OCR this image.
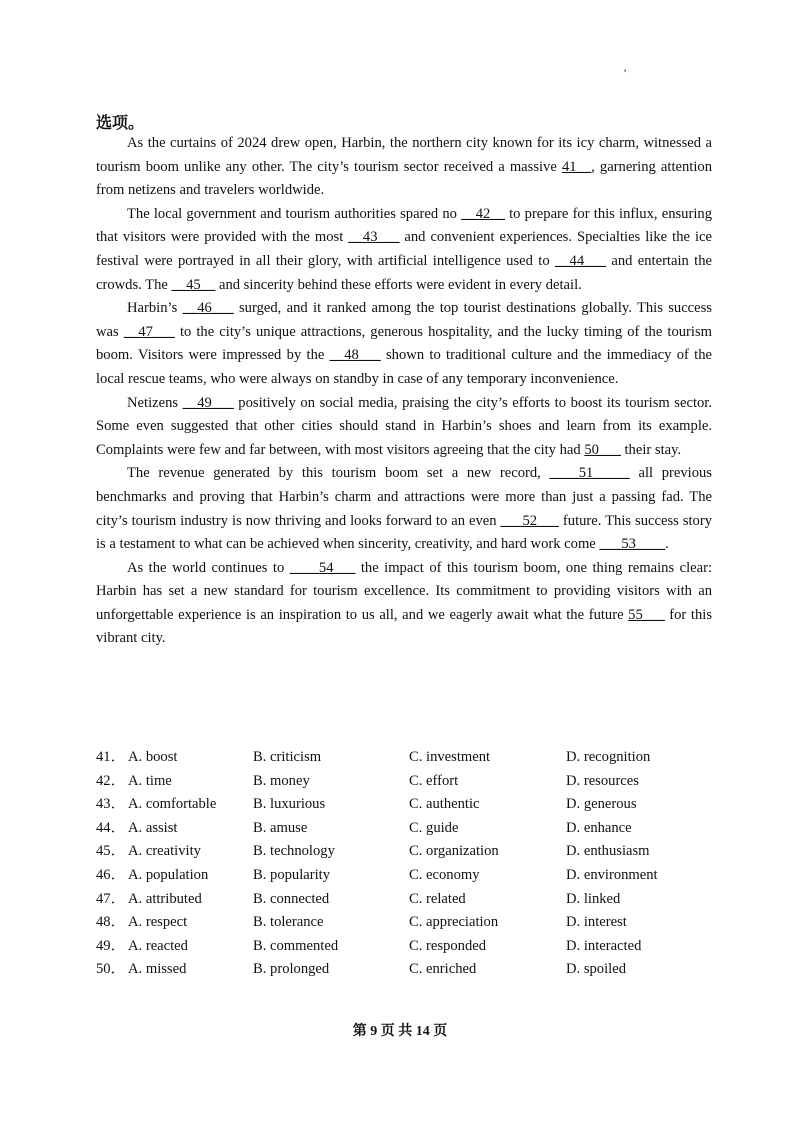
'
选项。

As the curtains of 2024 drew open, Harbin, the northern city known for its icy charm, witnessed a tourism boom unlike any other. The city’s tourism sector received a massive 41__, garnering attention from netizens and travelers worldwide.

The local government and tourism authorities spared no __42__ to prepare for this influx, ensuring that visitors were provided with the most __43___ and convenient experiences. Specialties like the ice festival were portrayed in all their glory, with artificial intelligence used to __44___ and entertain the crowds. The __45__ and sincerity behind these efforts were evident in every detail.

Harbin’s __46___ surged, and it ranked among the top tourist destinations globally. This success was __47___ to the city’s unique attractions, generous hospitality, and the lucky timing of the tourism boom. Visitors were impressed by the __48___ shown to traditional culture and the immediacy of the local rescue teams, who were always on standby in case of any temporary inconvenience.

Netizens __49___ positively on social media, praising the city’s efforts to boost its tourism sector. Some even suggested that other cities should stand in Harbin’s shoes and learn from its example. Complaints were few and far between, with most visitors agreeing that the city had 50___ their stay.

The revenue generated by this tourism boom set a new record, ____51_____ all previous benchmarks and proving that Harbin’s charm and attractions were more than just a passing fad. The city’s tourism industry is now thriving and looks forward to an even ___52___ future. This success story is a testament to what can be achieved when sincerity, creativity, and hard work come ___53____.

As the world continues to ____54___ the impact of this tourism boom, one thing remains clear: Harbin has set a new standard for tourism excellence. Its commitment to providing visitors with an unforgettable experience is an inspiration to us all, and we eagerly await what the future 55___ for this vibrant city.

41． A. boost	B. criticism	C. investment	D. recognition
42． A. time	B. money	C. effort	D. resources
43． A. comfortable	B. luxurious	C. authentic	D. generous
44． A. assist	B. amuse	C. guide	D. enhance
45． A. creativity	B. technology	C. organization	D. enthusiasm
46． A. population	B. popularity	C. economy	D. environment
47． A. attributed	B. connected	C. related	D. linked
48． A. respect	B. tolerance	C. appreciation	D. interest
49． A. reacted	B. commented	C. responded	D. interacted
50． A. missed	B. prolonged	C. enriched	D. spoiled
第 9 页 共 14 页
